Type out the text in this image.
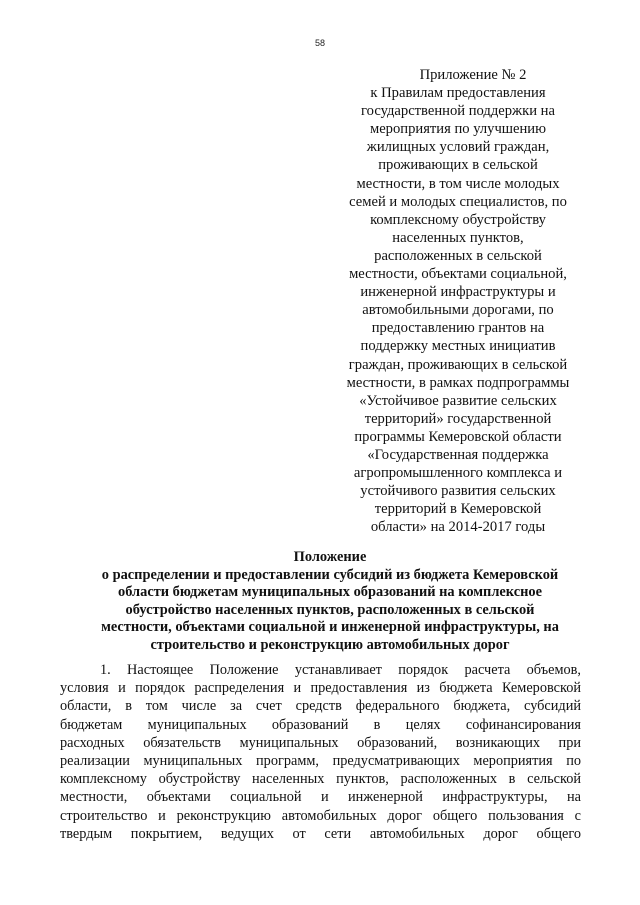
58
Приложение № 2
к Правилам предоставления
государственной поддержки на
мероприятия по улучшению
жилищных условий граждан,
проживающих в сельской
местности, в том числе молодых
семей и молодых специалистов, по
комплексному обустройству
населенных пунктов,
расположенных в сельской
местности, объектами социальной,
инженерной инфраструктуры и
автомобильными дорогами, по
предоставлению грантов на
поддержку местных инициатив
граждан, проживающих в сельской
местности, в рамках подпрограммы
«Устойчивое развитие сельских
территорий» государственной
программы Кемеровской области
«Государственная поддержка
агропромышленного комплекса и
устойчивого развития сельских
территорий в Кемеровской
области» на 2014-2017 годы
Положение
о распределении и предоставлении субсидий из бюджета Кемеровской
области бюджетам муниципальных образований на комплексное
обустройство населенных пунктов, расположенных в сельской
местности, объектами социальной и инженерной инфраструктуры, на
строительство и реконструкцию автомобильных дорог
1. Настоящее Положение устанавливает порядок расчета объемов,
условия и порядок распределения и предоставления из бюджета Кемеровской
области, в том числе за счет средств федерального бюджета, субсидий
бюджетам муниципальных образований в целях софинансирования
расходных обязательств муниципальных образований, возникающих при
реализации муниципальных программ, предусматривающих мероприятия по
комплексному обустройству населенных пунктов, расположенных в сельской
местности, объектами социальной и инженерной инфраструктуры, на
строительство и реконструкцию автомобильных дорог общего пользования с
твердым покрытием, ведущих от сети автомобильных дорог общего
